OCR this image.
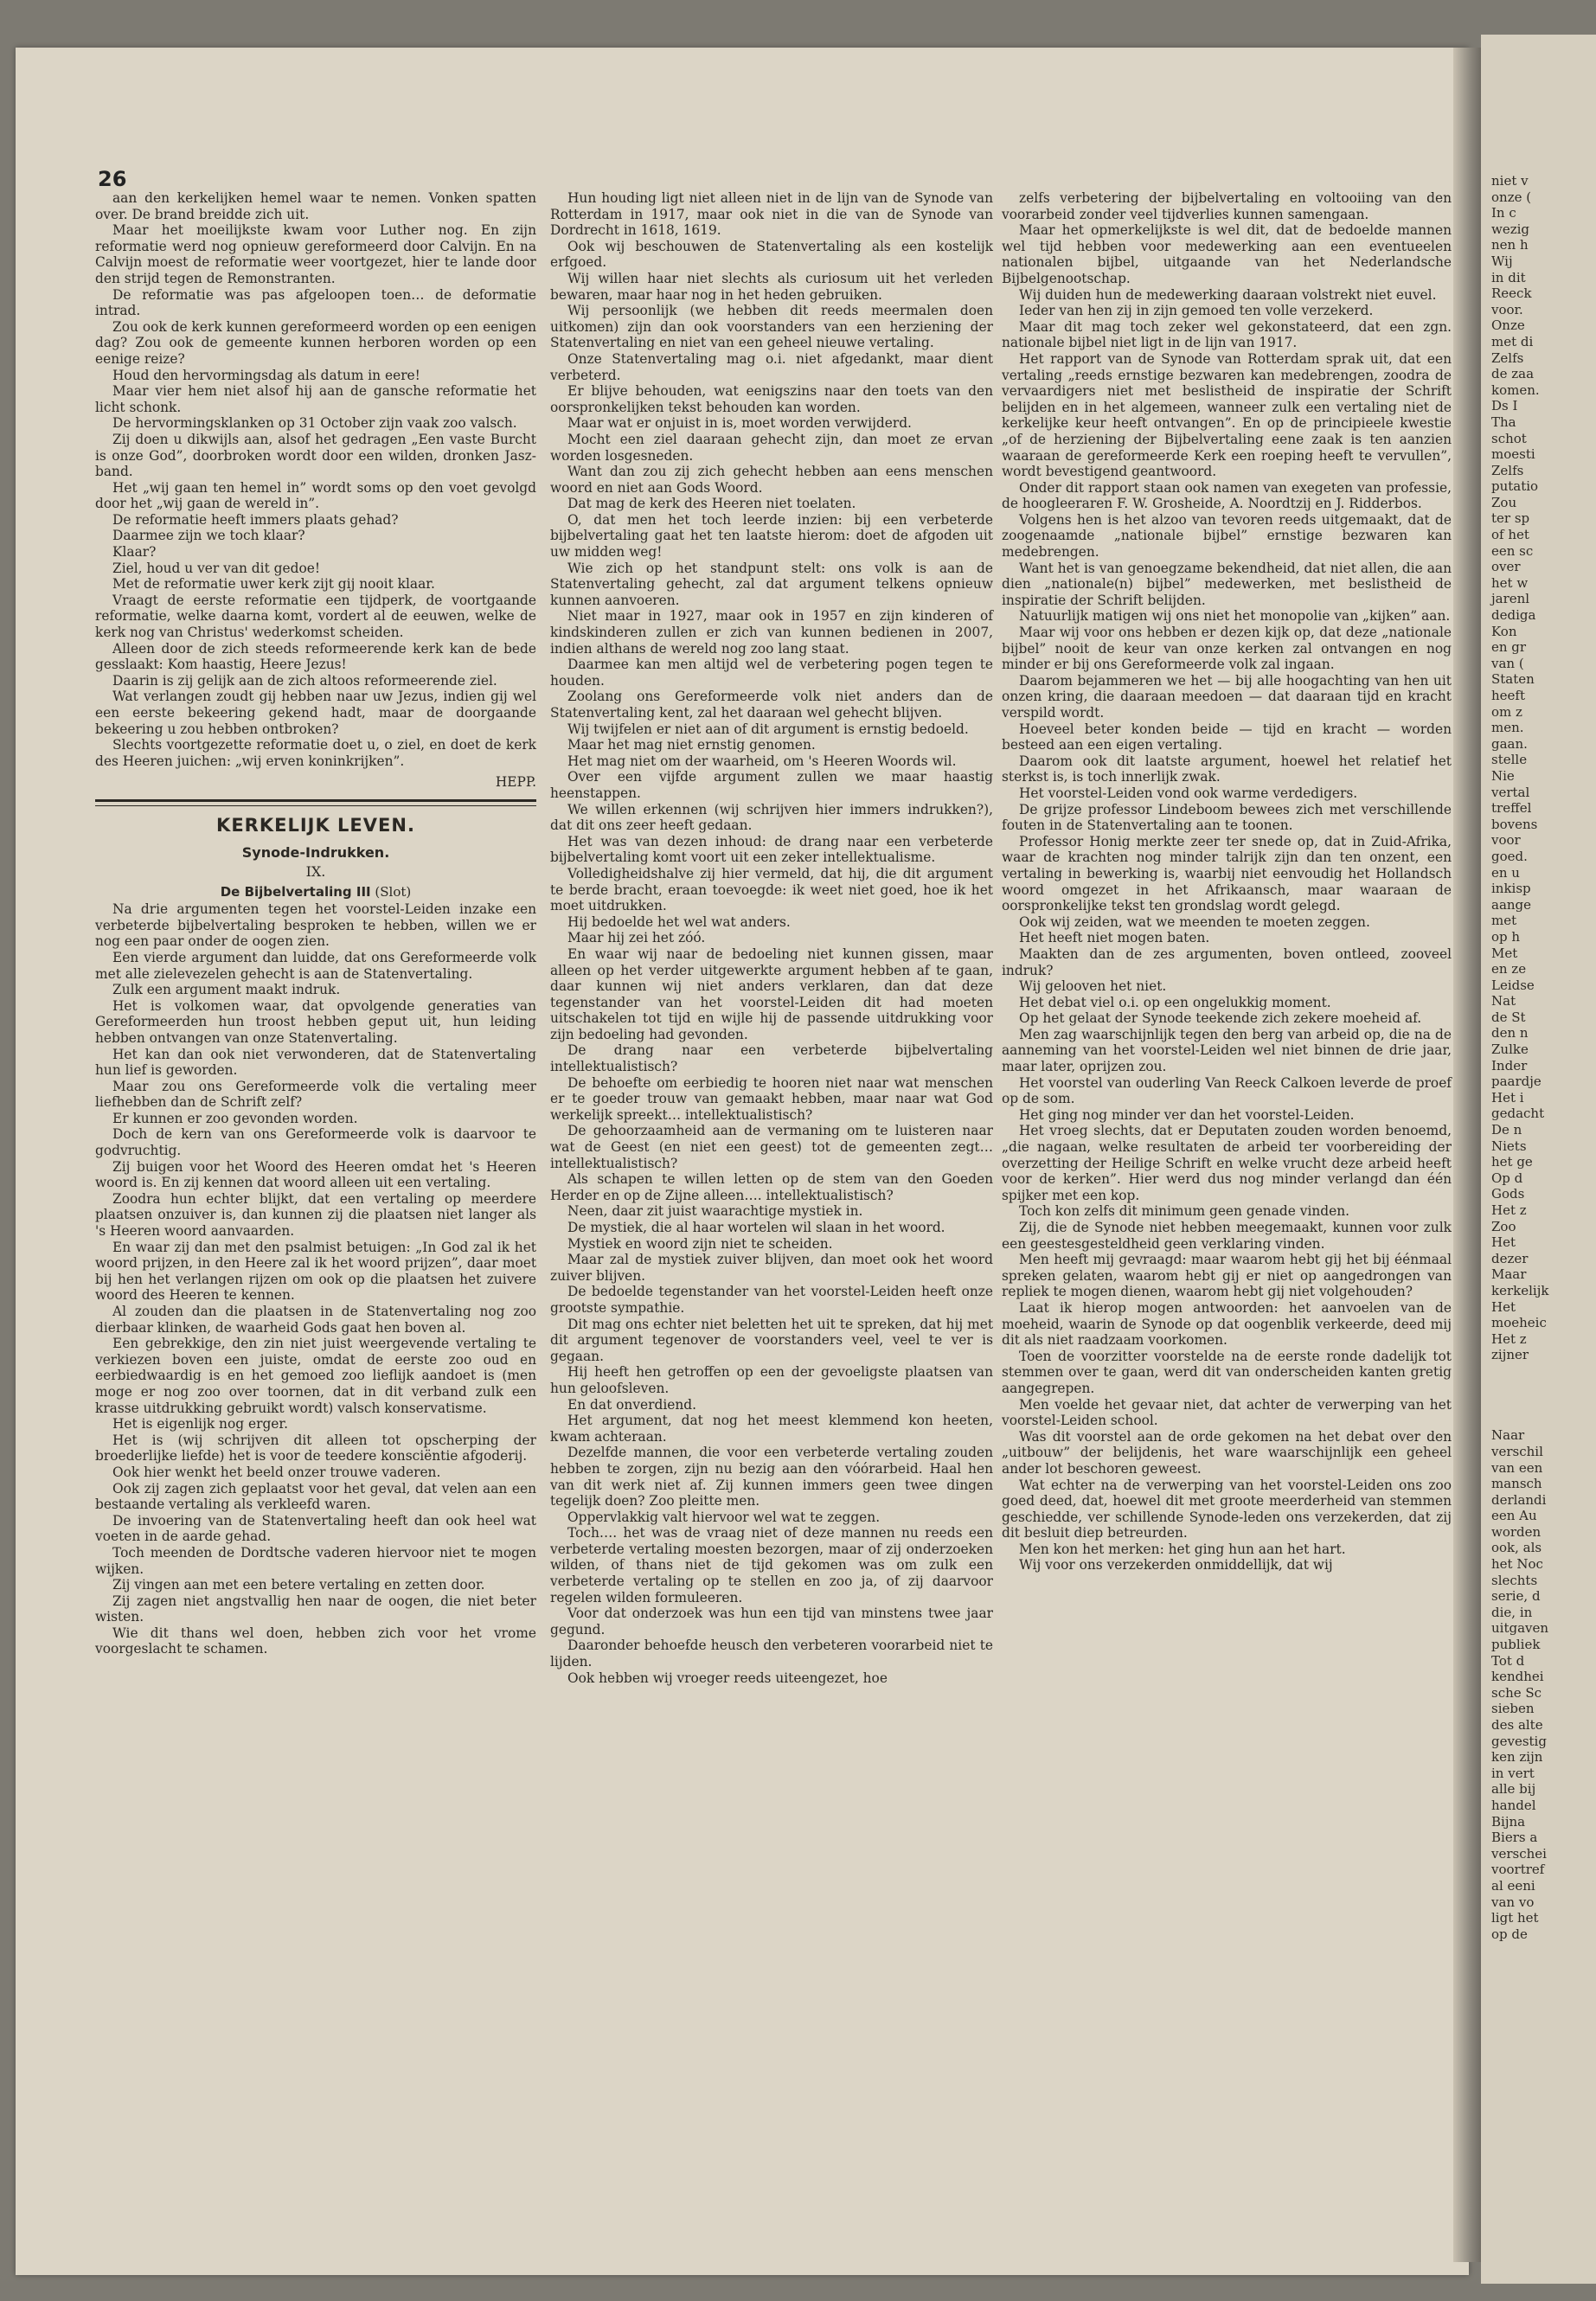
26

aan den kerkelijken hemel waar te nemen. Vonken spatten over. De brand breidde zich uit.

Maar het moeilijkste kwam voor Luther nog. En zijn reformatie werd nog opnieuw gereformeerd door Calvijn. En na Calvijn moest de reformatie weer voortgezet, hier te lande door den strijd tegen de Remonstranten.

De reformatie was pas afgeloopen toen… de deformatie intrad.

Zou ook de kerk kunnen gereformeerd worden op een eenigen dag? Zou ook de gemeente kunnen herboren worden op een eenige reize?

Houd den hervormingsdag als datum in eere!

Maar vier hem niet alsof hij aan de gansche reformatie het licht schonk.

De hervormingsklanken op 31 October zijn vaak zoo valsch.

Zij doen u dikwijls aan, alsof het gedragen „Een vaste Burcht is onze God”, doorbroken wordt door een wilden, dronken Jasz-band.

Het „wij gaan ten hemel in” wordt soms op den voet gevolgd door het „wij gaan de wereld in”.

De reformatie heeft immers plaats gehad?

Daarmee zijn we toch klaar?

Klaar?

Ziel, houd u ver van dit gedoe!

Met de reformatie uwer kerk zijt gij nooit klaar.

Vraagt de eerste reformatie een tijdperk, de voortgaande reformatie, welke daarna komt, vordert al de eeuwen, welke de kerk nog van Christus' wederkomst scheiden.

Alleen door de zich steeds reformeerende kerk kan de bede gesslaakt: Kom haastig, Heere Jezus!

Daarin is zij gelijk aan de zich altoos reformeerende ziel.

Wat verlangen zoudt gij hebben naar uw Jezus, indien gij wel een eerste bekeering gekend hadt, maar de doorgaande bekeering u zou hebben ontbroken?

Slechts voortgezette reformatie doet u, o ziel, en doet de kerk des Heeren juichen: „wij erven koninkrijken”.

HEPP.

KERKELIJK LEVEN.
Synode-Indrukken.
IX.
De Bijbelvertaling III (Slot)

Na drie argumenten tegen het voorstel-Leiden inzake een verbeterde bijbelvertaling besproken te hebben, willen we er nog een paar onder de oogen zien.

Een vierde argument dan luidde, dat ons Gereformeerde volk met alle zielevezelen gehecht is aan de Statenvertaling.

Zulk een argument maakt indruk.

Het is volkomen waar, dat opvolgende generaties van Gereformeerden hun troost hebben geput uit, hun leiding hebben ontvangen van onze Statenvertaling.

Het kan dan ook niet verwonderen, dat de Statenvertaling hun lief is geworden.

Maar zou ons Gereformeerde volk die vertaling meer liefhebben dan de Schrift zelf?

Er kunnen er zoo gevonden worden.

Doch de kern van ons Gereformeerde volk is daarvoor te godvruchtig.

Zij buigen voor het Woord des Heeren omdat het 's Heeren woord is. En zij kennen dat woord alleen uit een vertaling.

Zoodra hun echter blijkt, dat een vertaling op meerdere plaatsen onzuiver is, dan kunnen zij die plaatsen niet langer als 's Heeren woord aanvaarden.

En waar zij dan met den psalmist betuigen: „In God zal ik het woord prijzen, in den Heere zal ik het woord prijzen”, daar moet bij hen het verlangen rijzen om ook op die plaatsen het zuivere woord des Heeren te kennen.

Al zouden dan die plaatsen in de Statenvertaling nog zoo dierbaar klinken, de waarheid Gods gaat hen boven al.

Een gebrekkige, den zin niet juist weergevende vertaling te verkiezen boven een juiste, omdat de eerste zoo oud en eerbiedwaardig is en het gemoed zoo lieflijk aandoet is (men moge er nog zoo over toornen, dat in dit verband zulk een krasse uitdrukking gebruikt wordt) valsch konservatisme.

Het is eigenlijk nog erger.

Het is (wij schrijven dit alleen tot opscherping der broederlijke liefde) het is voor de teedere konsciëntie afgoderij.

Ook hier wenkt het beeld onzer trouwe vaderen.

Ook zij zagen zich geplaatst voor het geval, dat velen aan een bestaande vertaling als verkleefd waren.

De invoering van de Statenvertaling heeft dan ook heel wat voeten in de aarde gehad.

Toch meenden de Dordtsche vaderen hiervoor niet te mogen wijken.

Zij vingen aan met een betere vertaling en zetten door.

Zij zagen niet angstvallig hen naar de oogen, die niet beter wisten.

Wie dit thans wel doen, hebben zich voor het vrome voorgeslacht te schamen.

Hun houding ligt niet alleen niet in de lijn van de Synode van Rotterdam in 1917, maar ook niet in die van de Synode van Dordrecht in 1618, 1619.

Ook wij beschouwen de Statenvertaling als een kostelijk erfgoed.

Wij willen haar niet slechts als curiosum uit het verleden bewaren, maar haar nog in het heden gebruiken.

Wij persoonlijk (we hebben dit reeds meermalen doen uitkomen) zijn dan ook voorstanders van een herziening der Statenvertaling en niet van een geheel nieuwe vertaling.

Onze Statenvertaling mag o.i. niet afgedankt, maar dient verbeterd.

Er blijve behouden, wat eenigszins naar den toets van den oorspronkelijken tekst behouden kan worden.

Maar wat er onjuist in is, moet worden verwijderd.

Mocht een ziel daaraan gehecht zijn, dan moet ze ervan worden losgesneden.

Want dan zou zij zich gehecht hebben aan eens menschen woord en niet aan Gods Woord.

Dat mag de kerk des Heeren niet toelaten.

O, dat men het toch leerde inzien: bij een verbeterde bijbelvertaling gaat het ten laatste hierom: doet de afgoden uit uw midden weg!

Wie zich op het standpunt stelt: ons volk is aan de Statenvertaling gehecht, zal dat argument telkens opnieuw kunnen aanvoeren.

Niet maar in 1927, maar ook in 1957 en zijn kinderen of kindskinderen zullen er zich van kunnen bedienen in 2007, indien althans de wereld nog zoo lang staat.

Daarmee kan men altijd wel de verbetering pogen tegen te houden.

Zoolang ons Gereformeerde volk niet anders dan de Statenvertaling kent, zal het daaraan wel gehecht blijven.

Wij twijfelen er niet aan of dit argument is ernstig bedoeld.

Maar het mag niet ernstig genomen.

Het mag niet om der waarheid, om 's Heeren Woords wil.

Over een vijfde argument zullen we maar haastig heenstappen.

We willen erkennen (wij schrijven hier immers indrukken?), dat dit ons zeer heeft gedaan.

Het was van dezen inhoud: de drang naar een verbeterde bijbelvertaling komt voort uit een zeker intellektualisme.

Volledigheidshalve zij hier vermeld, dat hij, die dit argument te berde bracht, eraan toevoegde: ik weet niet goed, hoe ik het moet uitdrukken.

Hij bedoelde het wel wat anders.

Maar hij zei het zóó.

En waar wij naar de bedoeling niet kunnen gissen, maar alleen op het verder uitgewerkte argument hebben af te gaan, daar kunnen wij niet anders verklaren, dan dat deze tegenstander van het voorstel-Leiden dit had moeten uitschakelen tot tijd en wijle hij de passende uitdrukking voor zijn bedoeling had gevonden.

De drang naar een verbeterde bijbelvertaling intellektualistisch?

De behoefte om eerbiedig te hooren niet naar wat menschen er te goeder trouw van gemaakt hebben, maar naar wat God werkelijk spreekt… intellektualistisch?

De gehoorzaamheid aan de vermaning om te luisteren naar wat de Geest (en niet een geest) tot de gemeenten zegt… intellektualistisch?

Als schapen te willen letten op de stem van den Goeden Herder en op de Zijne alleen…. intellektualistisch?

Neen, daar zit juist waarachtige mystiek in.

De mystiek, die al haar wortelen wil slaan in het woord.

Mystiek en woord zijn niet te scheiden.

Maar zal de mystiek zuiver blijven, dan moet ook het woord zuiver blijven.

De bedoelde tegenstander van het voorstel-Leiden heeft onze grootste sympathie.

Dit mag ons echter niet beletten het uit te spreken, dat hij met dit argument tegenover de voorstanders veel, veel te ver is gegaan.

Hij heeft hen getroffen op een der gevoeligste plaatsen van hun geloofsleven.

En dat onverdiend.

Het argument, dat nog het meest klemmend kon heeten, kwam achteraan.

Dezelfde mannen, die voor een verbeterde vertaling zouden hebben te zorgen, zijn nu bezig aan den vóórarbeid. Haal hen van dit werk niet af. Zij kunnen immers geen twee dingen tegelijk doen? Zoo pleitte men.

Oppervlakkig valt hiervoor wel wat te zeggen.

Toch…. het was de vraag niet of deze mannen nu reeds een verbeterde vertaling moesten bezorgen, maar of zij onderzoeken wilden, of thans niet de tijd gekomen was om zulk een verbeterde vertaling op te stellen en zoo ja, of zij daarvoor regelen wilden formuleeren.

Voor dat onderzoek was hun een tijd van minstens twee jaar gegund.

Daaronder behoefde heusch den verbeteren voorarbeid niet te lijden.

Ook hebben wij vroeger reeds uiteengezet, hoe

zelfs verbetering der bijbelvertaling en voltooiing van den voorarbeid zonder veel tijdverlies kunnen samengaan.

Maar het opmerkelijkste is wel dit, dat de bedoelde mannen wel tijd hebben voor medewerking aan een eventueelen nationalen bijbel, uitgaande van het Nederlandsche Bijbelgenootschap.

Wij duiden hun de medewerking daaraan volstrekt niet euvel.

Ieder van hen zij in zijn gemoed ten volle verzekerd.

Maar dit mag toch zeker wel gekonstateerd, dat een zgn. nationale bijbel niet ligt in de lijn van 1917.

Het rapport van de Synode van Rotterdam sprak uit, dat een vertaling „reeds ernstige bezwaren kan medebrengen, zoodra de vervaardigers niet met beslistheid de inspiratie der Schrift belijden en in het algemeen, wanneer zulk een vertaling niet de kerkelijke keur heeft ontvangen”. En op de principieele kwestie „of de herziening der Bijbelvertaling eene zaak is ten aanzien waaraan de gereformeerde Kerk een roeping heeft te vervullen”, wordt bevestigend geantwoord.

Onder dit rapport staan ook namen van exegeten van professie, de hoogleeraren F. W. Grosheide, A. Noordtzij en J. Ridderbos.

Volgens hen is het alzoo van tevoren reeds uitgemaakt, dat de zoogenaamde „nationale bijbel” ernstige bezwaren kan medebrengen.

Want het is van genoegzame bekendheid, dat niet allen, die aan dien „nationale(n) bijbel” medewerken, met beslistheid de inspiratie der Schrift belijden.

Natuurlijk matigen wij ons niet het monopolie van „kijken” aan.

Maar wij voor ons hebben er dezen kijk op, dat deze „nationale bijbel” nooit de keur van onze kerken zal ontvangen en nog minder er bij ons Gereformeerde volk zal ingaan.

Daarom bejammeren we het — bij alle hoogachting van hen uit onzen kring, die daaraan meedoen — dat daaraan tijd en kracht verspild wordt.

Hoeveel beter konden beide — tijd en kracht — worden besteed aan een eigen vertaling.

Daarom ook dit laatste argument, hoewel het relatief het sterkst is, is toch innerlijk zwak.

Het voorstel-Leiden vond ook warme verdedigers.

De grijze professor Lindeboom bewees zich met verschillende fouten in de Statenvertaling aan te toonen.

Professor Honig merkte zeer ter snede op, dat in Zuid-Afrika, waar de krachten nog minder talrijk zijn dan ten onzent, een vertaling in bewerking is, waarbij niet eenvoudig het Hollandsch woord omgezet in het Afrikaansch, maar waaraan de oorspronkelijke tekst ten grondslag wordt gelegd.

Ook wij zeiden, wat we meenden te moeten zeggen.

Het heeft niet mogen baten.

Maakten dan de zes argumenten, boven ontleed, zooveel indruk?

Wij gelooven het niet.

Het debat viel o.i. op een ongelukkig moment.

Op het gelaat der Synode teekende zich zekere moeheid af.

Men zag waarschijnlijk tegen den berg van arbeid op, die na de aanneming van het voorstel-Leiden wel niet binnen de drie jaar, maar later, oprijzen zou.

Het voorstel van ouderling Van Reeck Calkoen leverde de proef op de som.

Het ging nog minder ver dan het voorstel-Leiden.

Het vroeg slechts, dat er Deputaten zouden worden benoemd, „die nagaan, welke resultaten de arbeid ter voorbereiding der overzetting der Heilige Schrift en welke vrucht deze arbeid heeft voor de kerken”. Hier werd dus nog minder verlangd dan één spijker met een kop.

Toch kon zelfs dit minimum geen genade vinden.

Zij, die de Synode niet hebben meegemaakt, kunnen voor zulk een geestesgesteldheid geen verklaring vinden.

Men heeft mij gevraagd: maar waarom hebt gij het bij éénmaal spreken gelaten, waarom hebt gij er niet op aangedrongen van repliek te mogen dienen, waarom hebt gij niet volgehouden?

Laat ik hierop mogen antwoorden: het aanvoelen van de moeheid, waarin de Synode op dat oogenblik verkeerde, deed mij dit als niet raadzaam voorkomen.

Toen de voorzitter voorstelde na de eerste ronde dadelijk tot stemmen over te gaan, werd dit van onderscheiden kanten gretig aangegrepen.

Men voelde het gevaar niet, dat achter de verwerping van het voorstel-Leiden school.

Was dit voorstel aan de orde gekomen na het debat over den „uitbouw” der belijdenis, het ware waarschijnlijk een geheel ander lot beschoren geweest.

Wat echter na de verwerping van het voorstel-Leiden ons zoo goed deed, dat, hoewel dit met groote meerderheid van stemmen geschiedde, ver schillende Synode-leden ons verzekerden, dat zij dit besluit diep betreurden.

Men kon het merken: het ging hun aan het hart.

Wij voor ons verzekerden onmiddellijk, dat wij

niet v
onze (
In c
wezig
nen h
Wij
in dit
Reeck
voor.
Onze
met di
Zelfs
de zaa
komen.
Ds I
Tha
schot
moesti
Zelfs
putatio
Zou
ter sp
of het
een sc
over
het w
jarenl
dediga
Kon
en gr
van (
Staten
heeft
om z
men.
gaan.
stelle
Nie
vertal
treffel
bovens
voor
goed.
en u
inkisp
aange
met
op h
Met
en ze
Leidse
Nat
de St
den n
Zulke
Inder
paardje
Het i
gedacht
De n
Niets
het ge
Op d
Gods
Het z
Zoo
Het
dezer
Maar
kerkelijk
Het
moeheic
Het z
zijner
Naar
verschil
van een
mansch
derlandi
een Au
worden
ook, als
het Noc
slechts
serie, d
die, in
uitgaven
publiek
Tot d
kendhei
sche Sc
sieben
des alte
gevestig
ken zijn
in vert
alle bij
handel
Bijna
Biers a
verschei
voortref
al eeni
van vo
ligt het
op de
